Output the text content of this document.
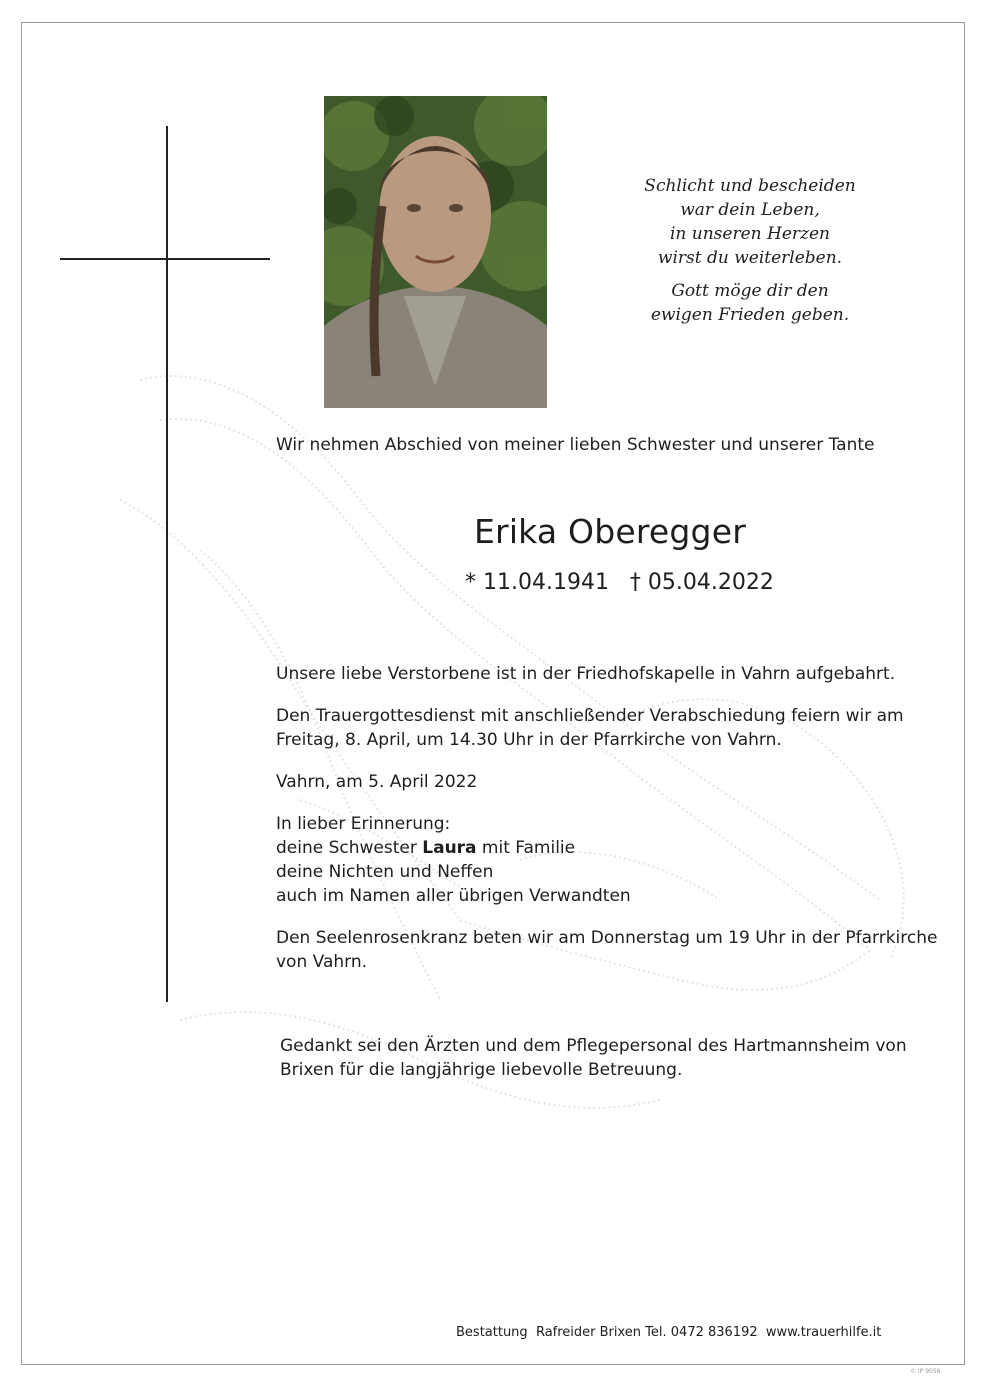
Schlicht und bescheiden

war dein Leben,

in unseren Herzen

wirst du weiterleben.

Gott möge dir den

ewigen Frieden geben.

Wir nehmen Abschied von meiner lieben Schwester und unserer Tante
Erika Oberegger
* 11.04.1941   † 05.04.2022

Unsere liebe Verstorbene ist in der Friedhofskapelle in Vahrn aufgebahrt.

Den Trauergottesdienst mit anschließender Verabschiedung feiern wir am Freitag, 8. April, um 14.30 Uhr in der Pfarrkirche von Vahrn.

Vahrn, am 5. April 2022

In lieber Erinnerung:
deine Schwester Laura mit Familie
deine Nichten und Neffen
auch im Namen aller übrigen Verwandten

Den Seelenrosenkranz beten wir am Donnerstag um 19 Uhr in der Pfarrkirche von Vahrn.

Gedankt sei den Ärzten und dem Pflegepersonal des Hartmannsheim von Brixen für die langjährige liebevolle Betreuung.
Bestattung  Rafreider Brixen Tel. 0472 836192  www.trauerhilfe.it
© IP 9056
